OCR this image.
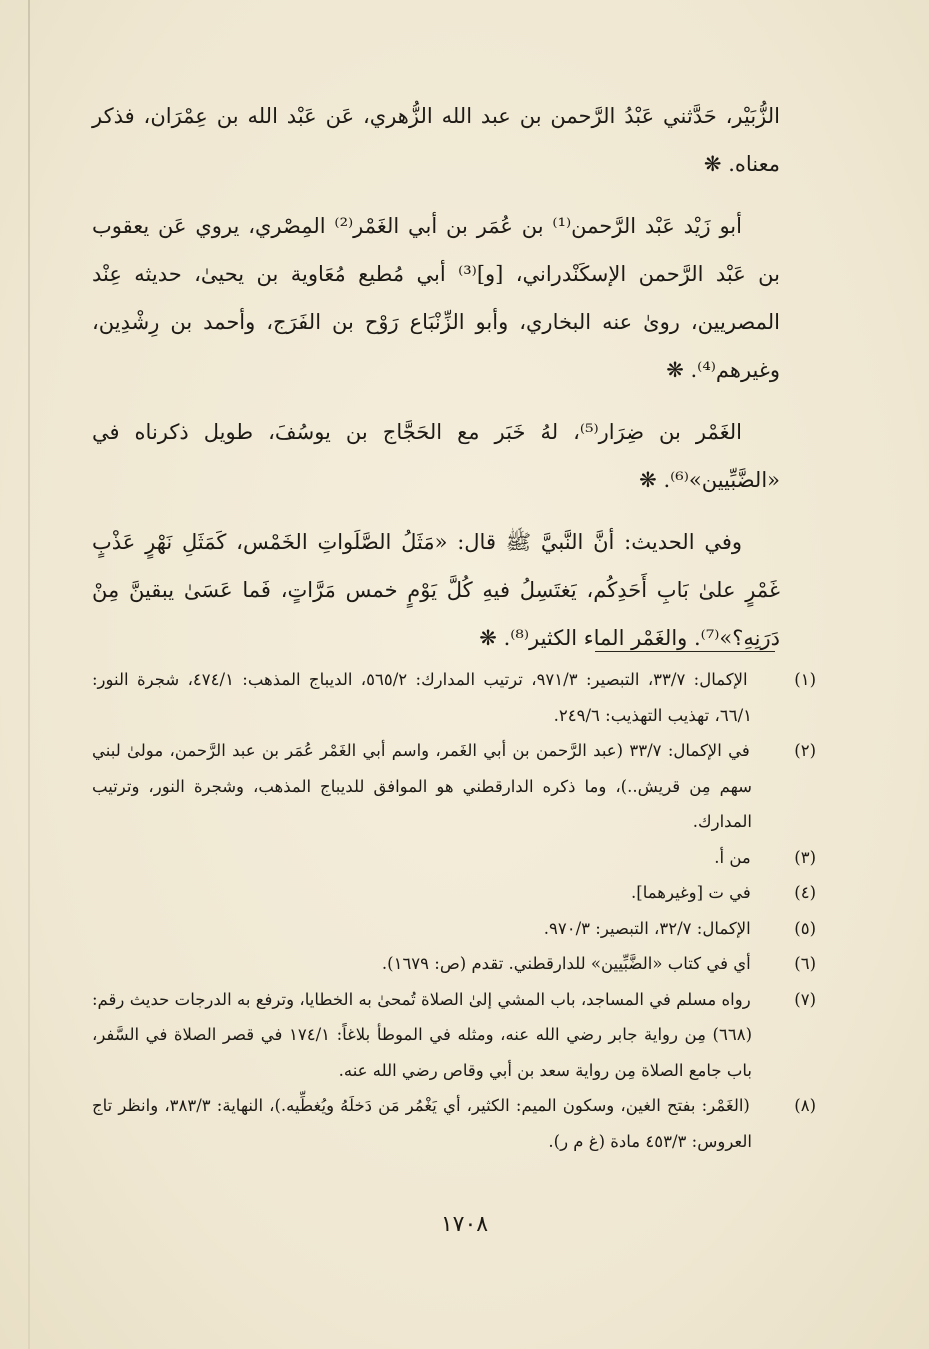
الزُّبَيْر، حَدَّثني عَبْدُ الرَّحمن بن عبد الله الزُّهري، عَن عَبْد الله بن عِمْرَان، فذكر معناه. ❋

أبو زَيْد عَبْد الرَّحمن⁽¹⁾ بن عُمَر بن أبي الغَمْر⁽²⁾ المِصْري، يروي عَن يعقوب بن عَبْد الرَّحمن الإسكَنْدراني، [و]⁽³⁾ أبي مُطيع مُعَاوية بن يحيىٰ، حديثه عِنْد المصريين، روىٰ عنه البخاري، وأبو الزِّنْبَاع رَوْح بن الفَرَج، وأحمد بن رِشْدِين، وغيرهم⁽⁴⁾. ❋

الغَمْر بن ضِرَار⁽⁵⁾، لهُ خَبَر مع الحَجَّاج بن يوسُفَ، طويل ذكرناه في «الضَّبِّيين»⁽⁶⁾. ❋

وفي الحديث: أنَّ النَّبيَّ ﷺ قال: «مَثَلُ الصَّلَواتِ الخَمْس، كَمَثَلِ نَهْرٍ عَذْبٍ غَمْرٍ علىٰ بَابِ أَحَدِكُم، يَغتَسِلُ فيهِ كُلَّ يَوْمٍ خمس مَرَّاتٍ، فَما عَسَىٰ يبقينَّ مِنْ دَرَنِهِ؟»⁽⁷⁾. والغَمْر الماء الكثير⁽⁸⁾. ❋

(١) الإكمال: ٣٣/٧، التبصير: ٩٧١/٣، ترتيب المدارك: ٥٦٥/٢، الديباج المذهب: ٤٧٤/١، شجرة النور: ٦٦/١، تهذيب التهذيب: ٢٤٩/٦.

(٢) في الإكمال: ٣٣/٧ (عبد الرَّحمن بن أبي الغَمر، واسم أبي الغَمْر عُمَر بن عبد الرَّحمن، مولىٰ لبني سهم مِن قريش..)، وما ذكره الدارقطني هو الموافق للديباج المذهب، وشجرة النور، وترتيب المدارك.

(٣) من أ.

(٤) في ت [وغيرهما].

(٥) الإكمال: ٣٢/٧، التبصير: ٩٧٠/٣.

(٦) أي في كتاب «الضَّبِّيين» للدارقطني. تقدم (ص: ١٦٧٩).

(٧) رواه مسلم في المساجد، باب المشي إلىٰ الصلاة تُمحىٰ به الخطايا، وترفع به الدرجات حديث رقم: (٦٦٨) مِن رواية جابر رضي الله عنه، ومثله في الموطأ بلاغاً: ١٧٤/١ في قصر الصلاة في السَّفر، باب جامع الصلاة مِن رواية سعد بن أبي وقاص رضي الله عنه.

(٨) (الغَمْر: بفتح الغين، وسكون الميم: الكثير، أي يَغْمُر مَن دَخلَهُ ويُغطِّيه.)، النهاية: ٣٨٣/٣، وانظر تاج العروس: ٤٥٣/٣ مادة (غ م ر).

١٧٠٨
